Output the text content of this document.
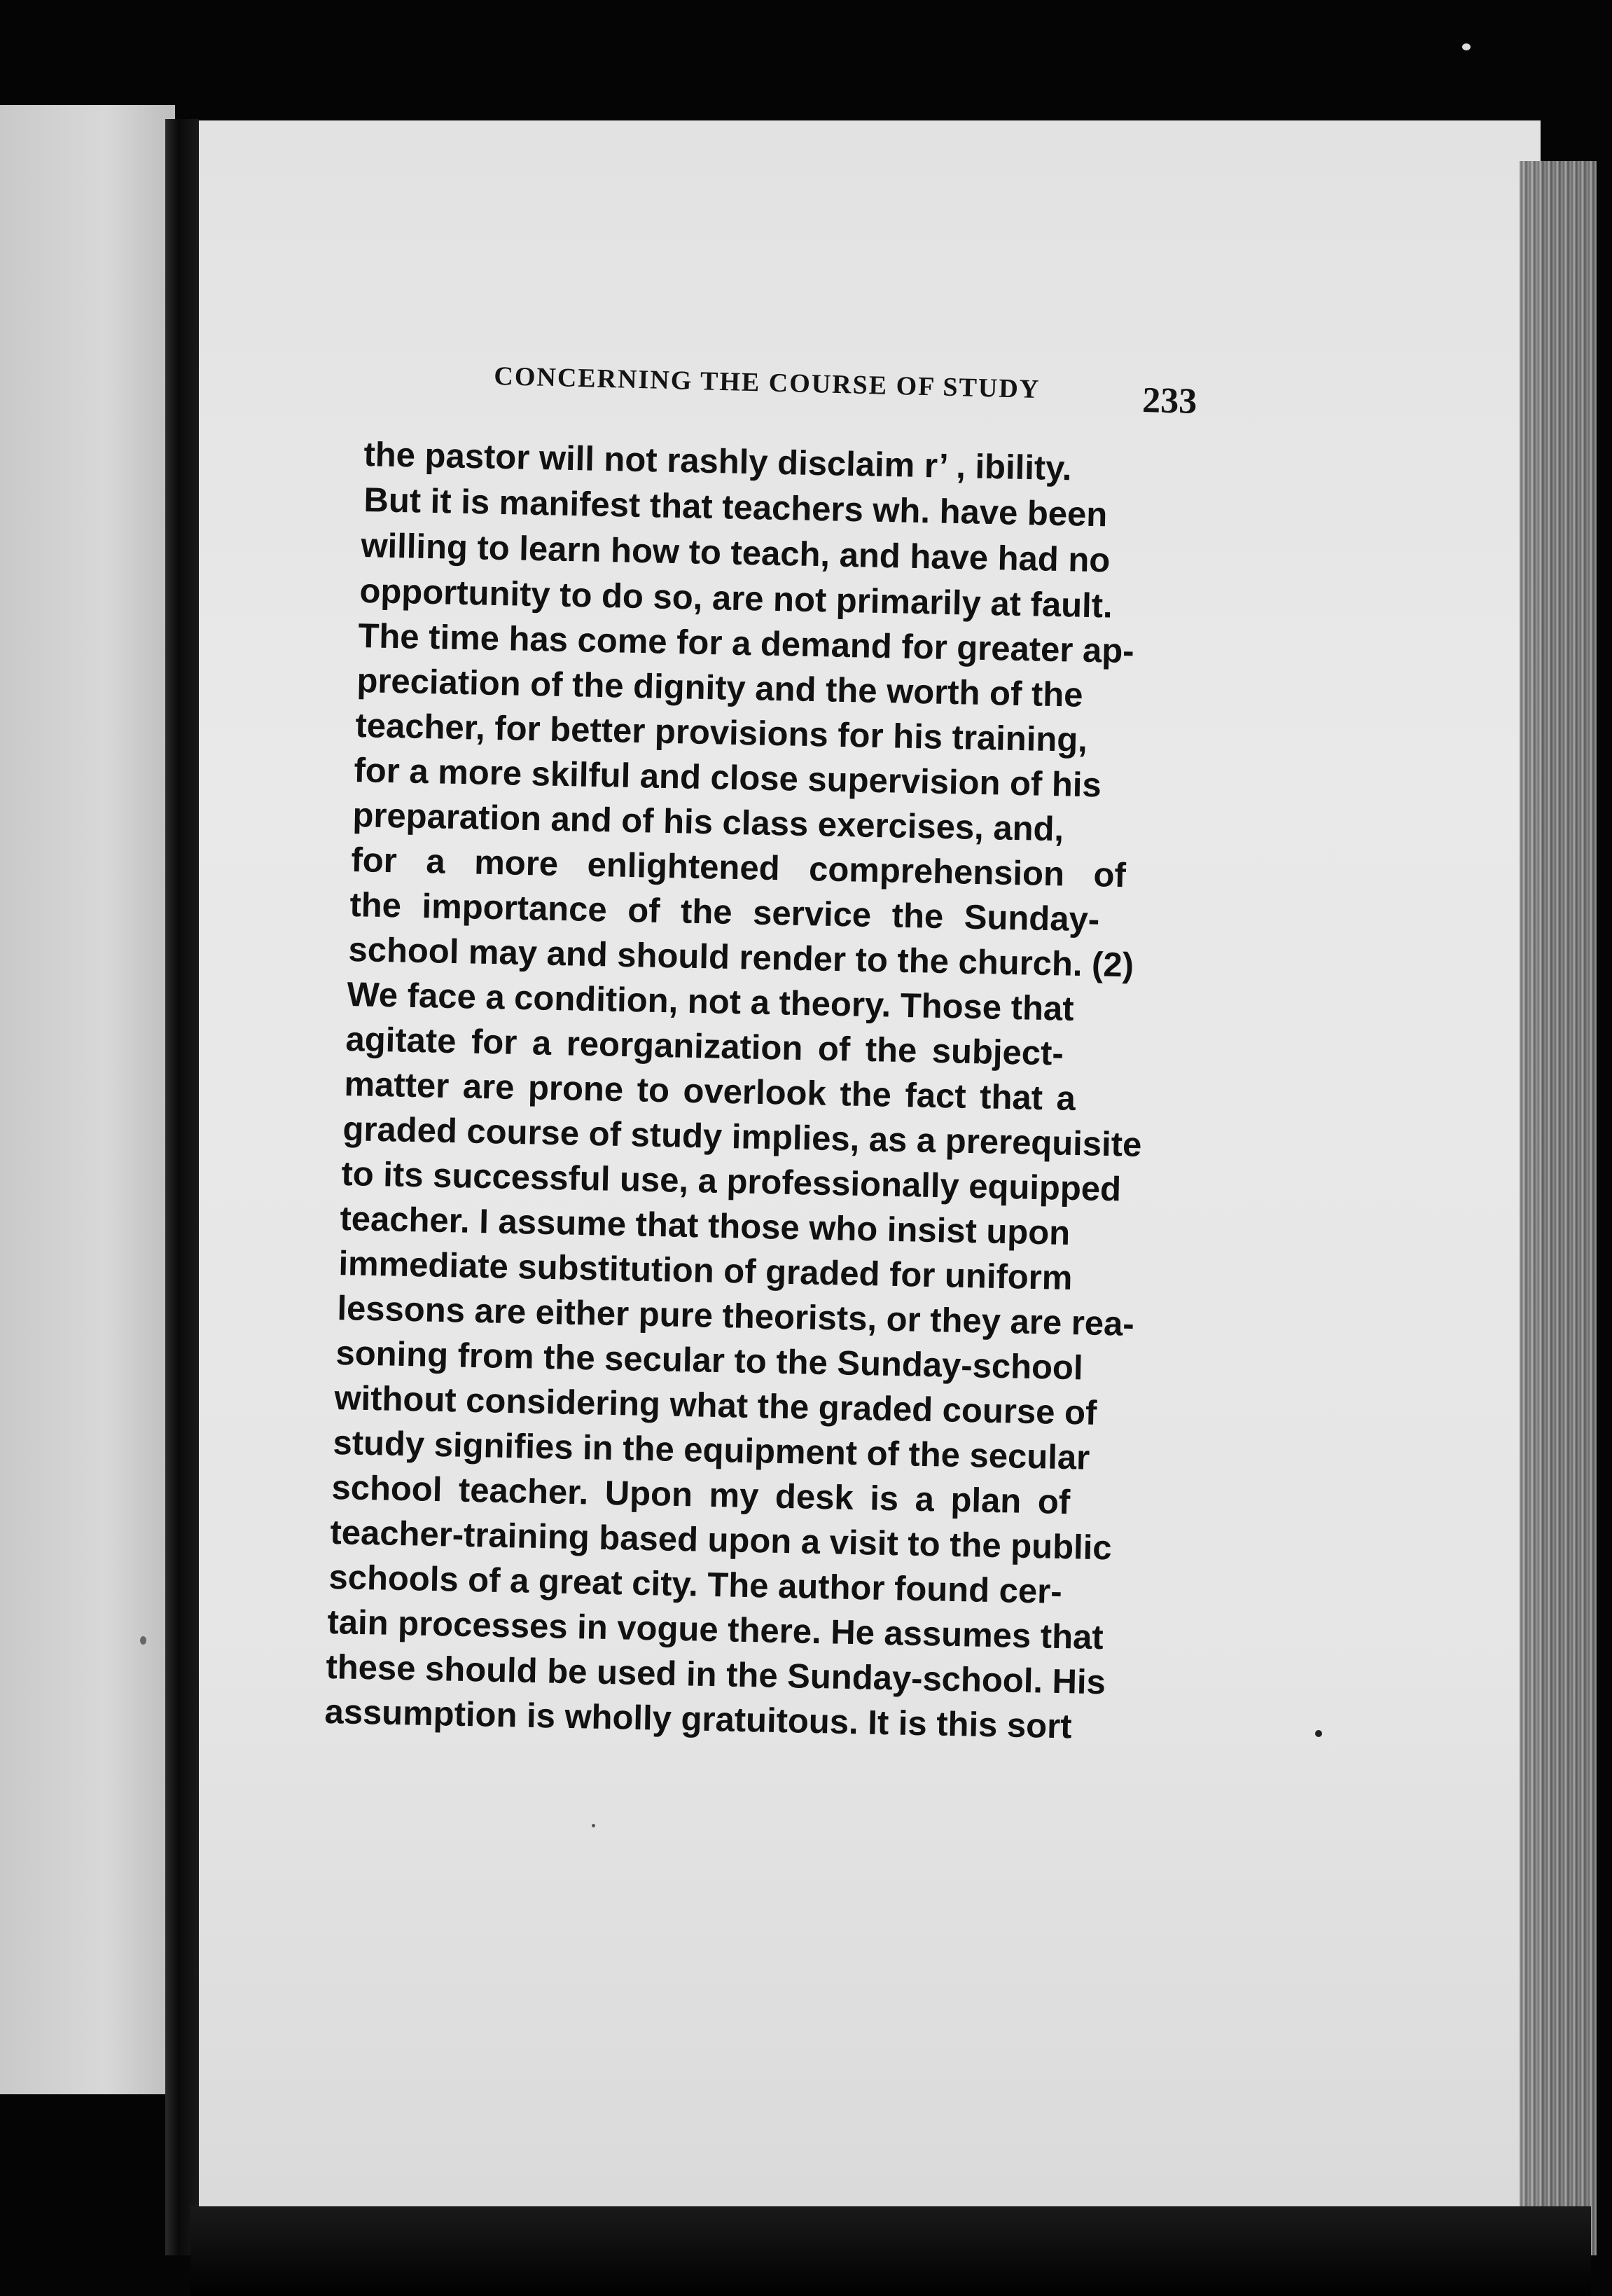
CONCERNING THE COURSE OF STUDY	233
the pastor will not rashly disclaim r’ , ibility.
But it is manifest that teachers wh. have been
willing to learn how to teach, and have had no
opportunity to do so, are not primarily at fault.
The time has come for a demand for greater ap-
preciation of the dignity and the worth of the
teacher, for better provisions for his training,
for a more skilful and close supervision of his
preparation and of his class exercises, and,
for a more enlightened comprehension of
the importance of the service the Sunday-
school may and should render to the church. (2)
We face a condition, not a theory. Those that
agitate for a reorganization of the subject-
matter are prone to overlook the fact that a
graded course of study implies, as a prerequisite
to its successful use, a professionally equipped
teacher. I assume that those who insist upon
immediate substitution of graded for uniform
lessons are either pure theorists, or they are rea-
soning from the secular to the Sunday-school
without considering what the graded course of
study signifies in the equipment of the secular
school teacher. Upon my desk is a plan of
teacher-training based upon a visit to the public
schools of a great city. The author found cer-
tain processes in vogue there. He assumes that
these should be used in the Sunday-school. His
assumption is wholly gratuitous. It is this sort
